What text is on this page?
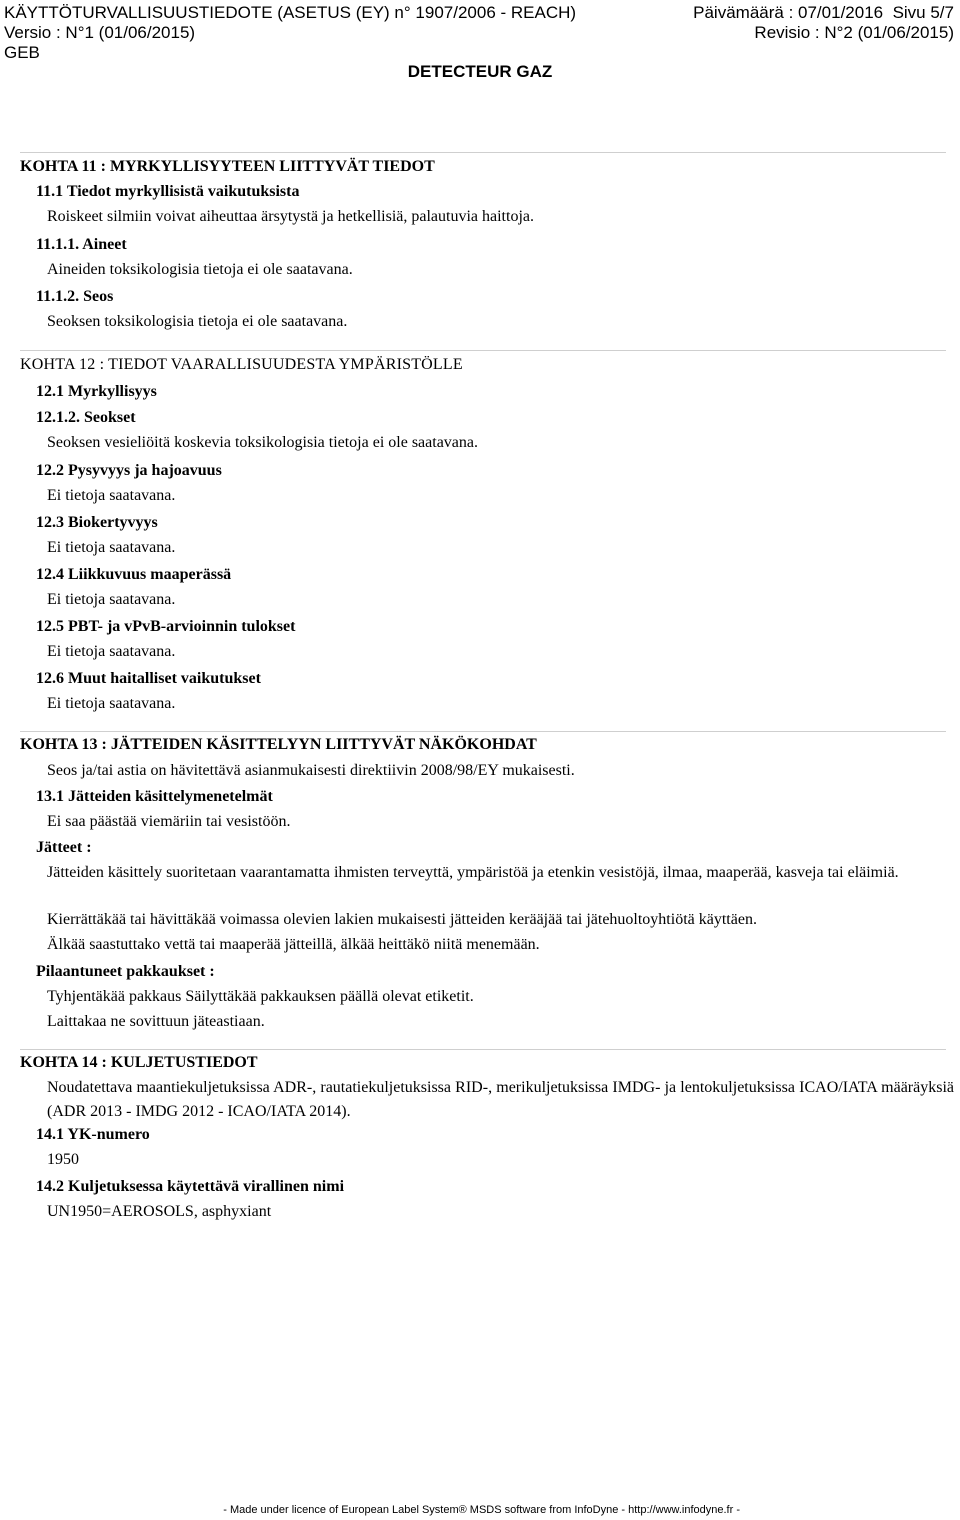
KÄYTTÖTURVALLISUUSTIEDOTE (ASETUS (EY) n° 1907/2006 - REACH)	Päivämäärä : 07/01/2016 Sivu 5/7
Versio : N°1 (01/06/2015)	Revisio : N°2 (01/06/2015)
GEB
DETECTEUR GAZ
KOHTA 11 : MYRKYLLISYYTEEN LIITTYVÄT TIEDOT
11.1 Tiedot myrkyllisistä vaikutuksista
Roiskeet silmiin voivat aiheuttaa ärsytystä ja hetkellisiä, palautuvia haittoja.
11.1.1. Aineet
Aineiden toksikologisia tietoja ei ole saatavana.
11.1.2. Seos
Seoksen toksikologisia tietoja ei ole saatavana.
KOHTA 12 : TIEDOT VAARALLISUUDESTA YMPÄRISTÖLLE
12.1 Myrkyllisyys
12.1.2. Seokset
Seoksen vesieliöitä koskevia toksikologisia tietoja ei ole saatavana.
12.2 Pysyvyys ja hajoavuus
Ei tietoja saatavana.
12.3 Biokertyvyys
Ei tietoja saatavana.
12.4 Liikkuvuus maaperässä
Ei tietoja saatavana.
12.5 PBT- ja vPvB-arvioinnin tulokset
Ei tietoja saatavana.
12.6 Muut haitalliset vaikutukset
Ei tietoja saatavana.
KOHTA 13 : JÄTTEIDEN KÄSITTELYYN LIITTYVÄT NÄKÖKOHDAT
Seos ja/tai astia on hävitettävä asianmukaisesti direktiivin 2008/98/EY mukaisesti.
13.1 Jätteiden käsittelymenetelmät
Ei saa päästää viemäriin tai vesistöön.
Jätteet :
Jätteiden käsittely suoritetaan vaarantamatta ihmisten terveyttä, ympäristöä ja etenkin vesistöjä, ilmaa, maaperää, kasveja tai eläimiä.
Kierrättäkää tai hävittäkää voimassa olevien lakien mukaisesti jätteiden kerääjää tai jätehuoltoyhtiötä käyttäen.
Älkää saastuttako vettä tai maaperää jätteillä, älkää heittäkö niitä menemään.
Pilaantuneet pakkaukset :
Tyhjentäkää pakkaus Säilyttäkää pakkauksen päällä olevat etiketit.
Laittakaa ne sovittuun jäteastiaan.
KOHTA 14 : KULJETUSTIEDOT
Noudatettava maantiekuljetuksissa ADR-, rautatiekuljetuksissa RID-, merikuljetuksissa IMDG- ja lentokuljetuksissa ICAO/IATA määräyksiä (ADR 2013 - IMDG 2012 - ICAO/IATA 2014).
14.1 YK-numero
1950
14.2 Kuljetuksessa käytettävä virallinen nimi
UN1950=AEROSOLS, asphyxiant
- Made under licence of European Label System® MSDS software from InfoDyne - http://www.infodyne.fr -
